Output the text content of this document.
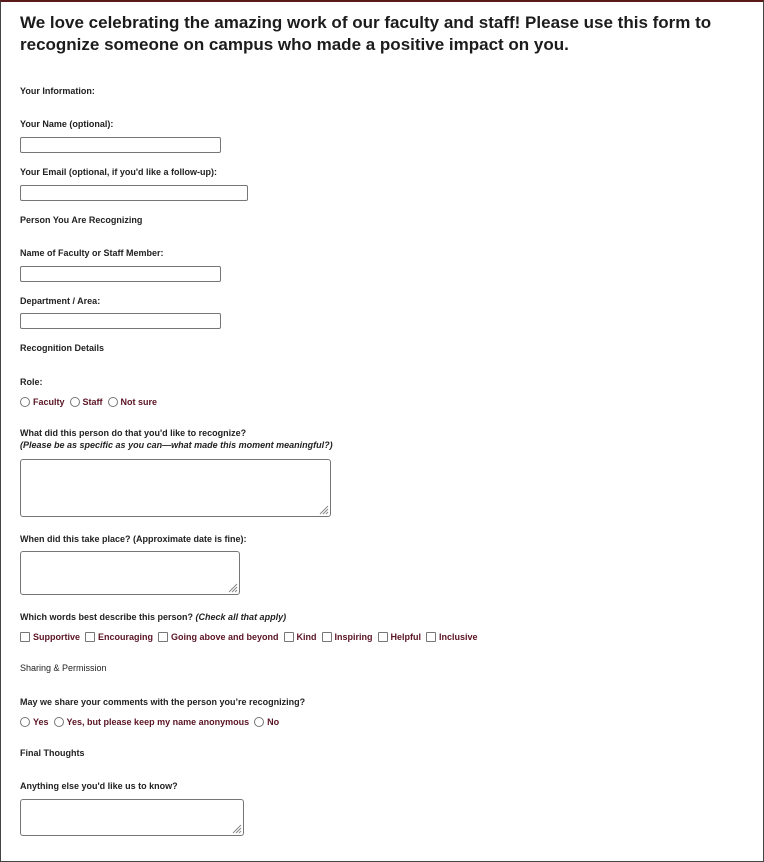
We love celebrating the amazing work of our faculty and staff! Please use this form to recognize someone on campus who made a positive impact on you.
Your Information:
Your Name (optional):
Your Email (optional, if you'd like a follow-up):
Person You Are Recognizing
Name of Faculty or Staff Member:
Department / Area:
Recognition Details
Role:
Faculty Staff Not sure
What did this person do that you'd like to recognize?
(Please be as specific as you can—what made this moment meaningful?)
When did this take place? (Approximate date is fine):
Which words best describe this person? (Check all that apply)
Supportive Encouraging Going above and beyond Kind Inspiring Helpful Inclusive
Sharing & Permission
May we share your comments with the person you’re recognizing?
Yes Yes, but please keep my name anonymous No
Final Thoughts
Anything else you'd like us to know?
